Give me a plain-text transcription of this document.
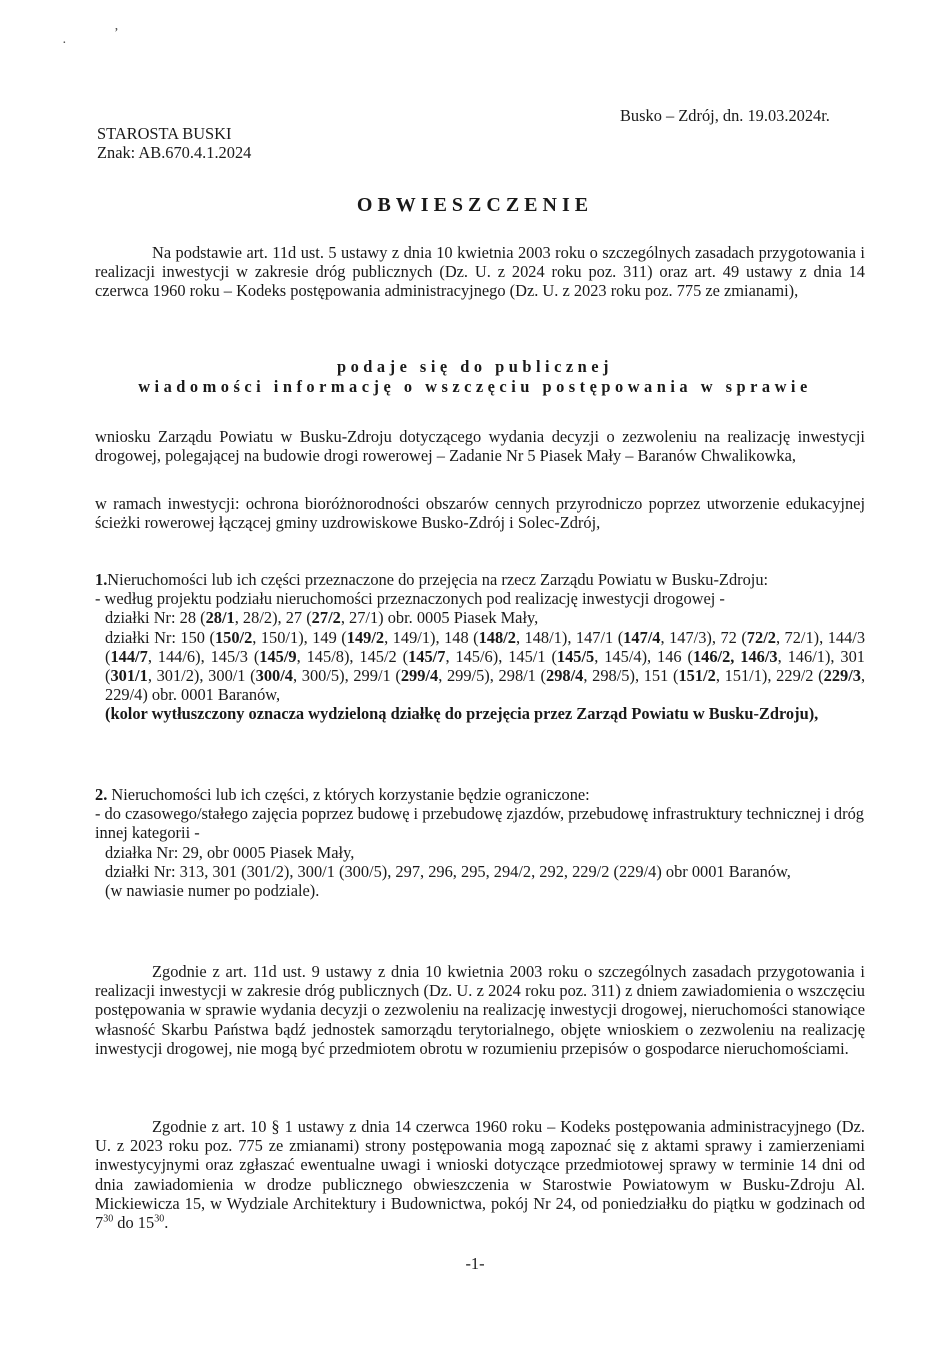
·
’
STAROSTA BUSKI
Znak: AB.670.4.1.2024
Busko – Zdrój, dn. 19.03.2024r.
OBWIESZCZENIE
Na podstawie art. 11d ust. 5 ustawy z dnia 10 kwietnia 2003 roku o szczególnych zasadach przygotowania i realizacji inwestycji w zakresie dróg publicznych (Dz. U. z 2024 roku poz. 311) oraz art. 49 ustawy z dnia 14 czerwca 1960 roku – Kodeks postępowania administracyjnego (Dz. U. z 2023 roku poz. 775 ze zmianami),
podaje się do publicznej
wiadomości informację o wszczęciu postępowania w sprawie
wniosku Zarządu Powiatu w Busku-Zdroju dotyczącego wydania decyzji o zezwoleniu na realizację inwestycji drogowej, polegającej na budowie drogi rowerowej – Zadanie Nr 5 Piasek Mały – Baranów Chwalikowka,
w ramach inwestycji: ochrona bioróżnorodności obszarów cennych przyrodniczo poprzez utworzenie edukacyjnej ścieżki rowerowej łączącej gminy uzdrowiskowe Busko-Zdrój i Solec-Zdrój,

1.Nieruchomości lub ich części przeznaczone do przejęcia na rzecz Zarządu Powiatu w Busku-Zdroju:

- według projektu podziału nieruchomości przeznaczonych pod realizację inwestycji drogowej -

działki Nr: 28 (28/1, 28/2), 27 (27/2, 27/1) obr. 0005 Piasek Mały,

działki Nr: 150 (150/2, 150/1), 149 (149/2, 149/1), 148 (148/2, 148/1), 147/1 (147/4, 147/3), 72 (72/2, 72/1), 144/3 (144/7, 144/6), 145/3 (145/9, 145/8), 145/2 (145/7, 145/6), 145/1 (145/5, 145/4), 146 (146/2, 146/3, 146/1), 301 (301/1, 301/2), 300/1 (300/4, 300/5), 299/1 (299/4, 299/5), 298/1 (298/4, 298/5), 151 (151/2, 151/1), 229/2 (229/3, 229/4) obr. 0001 Baranów,

(kolor wytłuszczony oznacza wydzieloną działkę do przejęcia przez Zarząd Powiatu w Busku-Zdroju),

2. Nieruchomości lub ich części, z których korzystanie będzie ograniczone:

- do czasowego/stałego zajęcia poprzez budowę i przebudowę zjazdów, przebudowę infrastruktury technicznej i dróg innej kategorii -

działka Nr: 29, obr 0005 Piasek Mały,

działki Nr: 313, 301 (301/2), 300/1 (300/5), 297, 296, 295, 294/2, 292, 229/2 (229/4) obr 0001 Baranów,

(w nawiasie numer po podziale).

Zgodnie z art. 11d ust. 9 ustawy z dnia 10 kwietnia 2003 roku o szczególnych zasadach przygotowania i realizacji inwestycji w zakresie dróg publicznych (Dz. U. z 2024 roku poz. 311) z dniem zawiadomienia o wszczęciu postępowania w sprawie wydania decyzji o zezwoleniu na realizację inwestycji drogowej, nieruchomości stanowiące własność Skarbu Państwa bądź jednostek samorządu terytorialnego, objęte wnioskiem o zezwoleniu na realizację inwestycji drogowej, nie mogą być przedmiotem obrotu w rozumieniu przepisów o gospodarce nieruchomościami.
Zgodnie z art. 10 § 1 ustawy z dnia 14 czerwca 1960 roku – Kodeks postępowania administracyjnego (Dz. U. z 2023 roku poz. 775 ze zmianami) strony postępowania mogą zapoznać się z aktami sprawy i zamierzeniami inwestycyjnymi oraz zgłaszać ewentualne uwagi i wnioski dotyczące przedmiotowej sprawy w terminie 14 dni od dnia zawiadomienia w drodze publicznego obwieszczenia w Starostwie Powiatowym w Busku-Zdroju Al. Mickiewicza 15, w Wydziale Architektury i Budownictwa, pokój Nr 24, od poniedziałku do piątku w godzinach od $7^{30}$ do $15^{30}$.
-1-
